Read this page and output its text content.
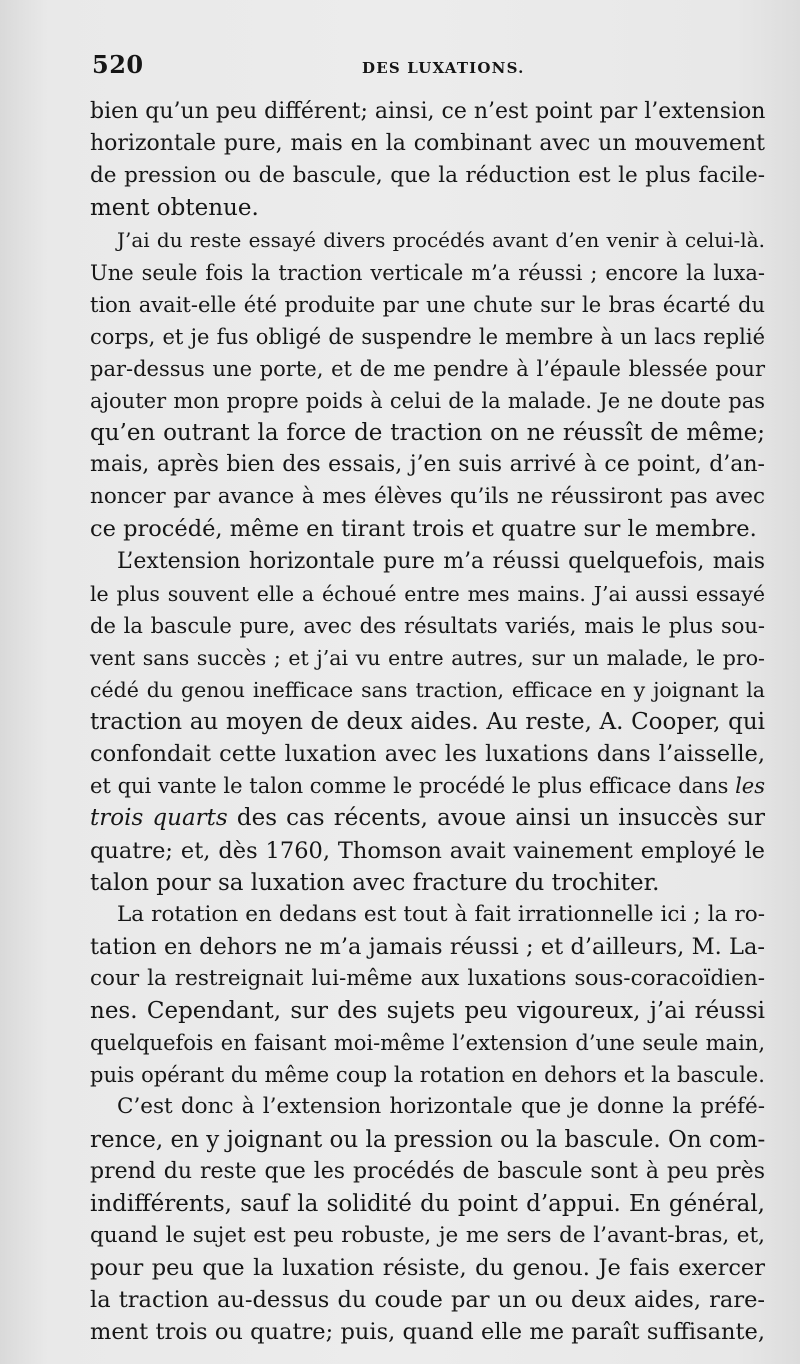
520	DES LUXATIONS.
bien qu’un peu différent; ainsi, ce n’est point par l’extension
horizontale pure, mais en la combinant avec un mouvement
de pression ou de bascule, que la réduction est le plus facile-
ment obtenue.
J’ai du reste essayé divers procédés avant d’en venir à celui-là.
Une seule fois la traction verticale m’a réussi ; encore la luxa-
tion avait-elle été produite par une chute sur le bras écarté du
corps, et je fus obligé de suspendre le membre à un lacs replié
par-dessus une porte, et de me pendre à l’épaule blessée pour
ajouter mon propre poids à celui de la malade. Je ne doute pas
qu’en outrant la force de traction on ne réussît de même;
mais, après bien des essais, j’en suis arrivé à ce point, d’an-
noncer par avance à mes élèves qu’ils ne réussiront pas avec
ce procédé, même en tirant trois et quatre sur le membre.
L’extension horizontale pure m’a réussi quelquefois, mais
le plus souvent elle a échoué entre mes mains. J’ai aussi essayé
de la bascule pure, avec des résultats variés, mais le plus sou-
vent sans succès ; et j’ai vu entre autres, sur un malade, le pro-
cédé du genou inefficace sans traction, efficace en y joignant la
traction au moyen de deux aides. Au reste, A. Cooper, qui
confondait cette luxation avec les luxations dans l’aisselle,
et qui vante le talon comme le procédé le plus efficace dans les
trois quarts des cas récents, avoue ainsi un insuccès sur
quatre; et, dès 1760, Thomson avait vainement employé le
talon pour sa luxation avec fracture du trochiter.
La rotation en dedans est tout à fait irrationnelle ici ; la ro-
tation en dehors ne m’a jamais réussi ; et d’ailleurs, M. La-
cour la restreignait lui-même aux luxations sous-coracoïdien-
nes. Cependant, sur des sujets peu vigoureux, j’ai réussi
quelquefois en faisant moi-même l’extension d’une seule main,
puis opérant du même coup la rotation en dehors et la bascule.
C’est donc à l’extension horizontale que je donne la préfé-
rence, en y joignant ou la pression ou la bascule. On com-
prend du reste que les procédés de bascule sont à peu près
indifférents, sauf la solidité du point d’appui. En général,
quand le sujet est peu robuste, je me sers de l’avant-bras, et,
pour peu que la luxation résiste, du genou. Je fais exercer
la traction au-dessus du coude par un ou deux aides, rare-
ment trois ou quatre; puis, quand elle me paraît suffisante,
